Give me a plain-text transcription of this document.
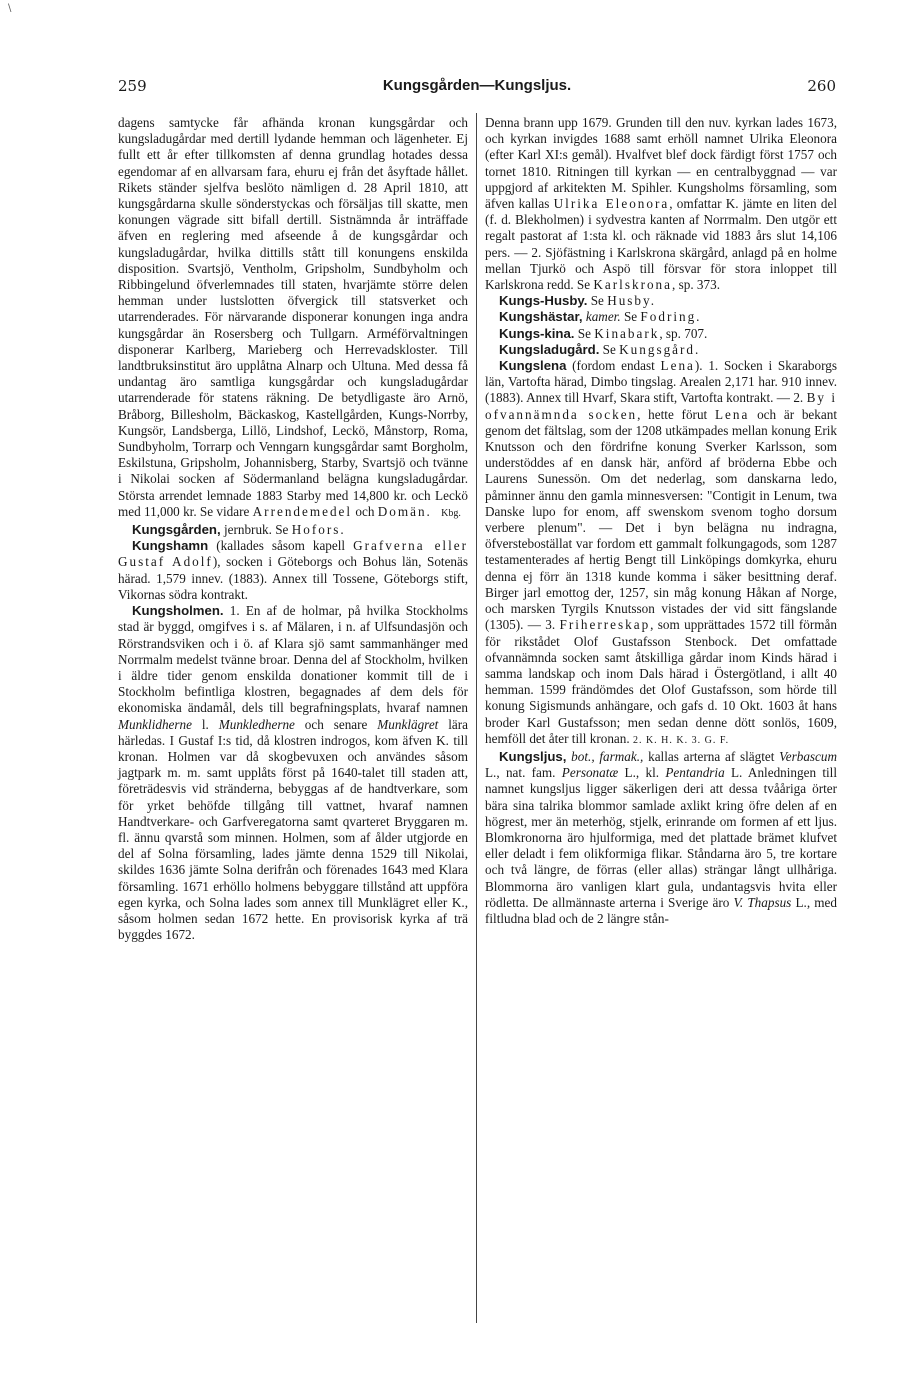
\
259	Kungsgården—Kungsljus.	260

dagens samtycke får afhända kronan kungsgårdar och kungsladugårdar med dertill lydande hemman och lägenheter. Ej fullt ett år efter tillkomsten af denna grundlag hotades dessa egendomar af en allvarsam fara, ehuru ej från det åsyftade hållet. Rikets ständer sjelfva beslöto nämligen d. 28 April 1810, att kungsgårdarna skulle sönderstyckas och försäljas till skatte, men konungen vägrade sitt bifall dertill. Sistnämnda år inträffade äfven en reglering med afseende å de kungsgårdar och kungsladugårdar, hvilka dittills stått till konungens enskilda disposition. Svartsjö, Ventholm, Gripsholm, Sundbyholm och Ribbingelund öfverlemnades till staten, hvarjämte större delen hemman under lustslotten öfvergick till statsverket och utarrenderades. För närvarande disponerar konungen inga andra kungsgårdar än Rosersberg och Tullgarn. Arméförvaltningen disponerar Karlberg, Marieberg och Herrevadskloster. Till landtbruksinstitut äro upplåtna Alnarp och Ultuna. Med dessa få undantag äro samtliga kungsgårdar och kungsladugårdar utarrenderade för statens räkning. De betydligaste äro Arnö, Bråborg, Billesholm, Bäckaskog, Kastellgården, Kungs-Norrby, Kungsör, Landsberga, Lillö, Lindshof, Leckö, Månstorp, Roma, Sundbyholm, Torrarp och Venngarn kungsgårdar samt Borgholm, Eskilstuna, Gripsholm, Johannisberg, Starby, Svartsjö och tvänne i Nikolai socken af Södermanland belägna kungsladugårdar. Största arrendet lemnade 1883 Starby med 14,800 kr. och Leckö med 11,000 kr. Se vidare Arrendemedel och Domän. Kbg.

Kungsgården, jernbruk. Se Hofors.

Kungshamn (kallades såsom kapell Grafverna eller Gustaf Adolf), socken i Göteborgs och Bohus län, Sotenäs härad. 1,579 innev. (1883). Annex till Tossene, Göteborgs stift, Vikornas södra kontrakt.

Kungsholmen. 1. En af de holmar, på hvilka Stockholms stad är byggd, omgifves i s. af Mälaren, i n. af Ulfsundasjön och Rörstrandsviken och i ö. af Klara sjö samt sammanhänger med Norrmalm medelst tvänne broar. Denna del af Stockholm, hvilken i äldre tider genom enskilda donationer kommit till de i Stockholm befintliga klostren, begagnades af dem dels för ekonomiska ändamål, dels till begrafningsplats, hvaraf namnen Munklidherne l. Munkledherne och senare Munklägret lära härledas. I Gustaf I:s tid, då klostren indrogos, kom äfven K. till kronan. Holmen var då skogbevuxen och användes såsom jagtpark m. m. samt upplåts först på 1640-talet till staden att, företrädesvis vid stränderna, bebyggas af de handtverkare, som för yrket behöfde tillgång till vattnet, hvaraf namnen Handtverkare- och Garfveregatorna samt qvarteret Bryggaren m. fl. ännu qvarstå som minnen. Holmen, som af ålder utgjorde en del af Solna församling, lades jämte denna 1529 till Nikolai, skildes 1636 jämte Solna derifrån och förenades 1643 med Klara församling. 1671 erhöllo holmens bebyggare tillstånd att uppföra egen kyrka, och Solna lades som annex till Munklägret eller K., såsom holmen sedan 1672 hette. En provisorisk kyrka af trä byggdes 1672.

Denna brann upp 1679. Grunden till den nuv. kyrkan lades 1673, och kyrkan invigdes 1688 samt erhöll namnet Ulrika Eleonora (efter Karl XI:s gemål). Hvalfvet blef dock färdigt först 1757 och tornet 1810. Ritningen till kyrkan — en centralbyggnad — var uppgjord af arkitekten M. Spihler. Kungsholms församling, som äfven kallas Ulrika Eleonora, omfattar K. jämte en liten del (f. d. Blekholmen) i sydvestra kanten af Norrmalm. Den utgör ett regalt pastorat af 1:sta kl. och räknade vid 1883 års slut 14,106 pers. — 2. Sjöfästning i Karlskrona skärgård, anlagd på en holme mellan Tjurkö och Aspö till försvar för stora inloppet till Karlskrona redd. Se Karlskrona, sp. 373.

Kungs-Husby. Se Husby.

Kungshästar, kamer. Se Fodring.

Kungs-kina. Se Kinabark, sp. 707.

Kungsladugård. Se Kungsgård.

Kungslena (fordom endast Lena). 1. Socken i Skaraborgs län, Vartofta härad, Dimbo tingslag. Arealen 2,171 har. 910 innev. (1883). Annex till Hvarf, Skara stift, Vartofta kontrakt. — 2. By i ofvannämnda socken, hette förut Lena och är bekant genom det fältslag, som der 1208 utkämpades mellan konung Erik Knutsson och den fördrifne konung Sverker Karlsson, som understöddes af en dansk här, anförd af bröderna Ebbe och Laurens Sunessön. Om det nederlag, som danskarna ledo, påminner ännu den gamla minnesversen: "Contigit in Lenum, twa Danske lupo for enom, aff swenskom svenom togho dorsum verbere plenum". — Det i byn belägna nu indragna, öfversteboställat var fordom ett gammalt folkungagods, som 1287 testamenterades af hertig Bengt till Linköpings domkyrka, ehuru denna ej förr än 1318 kunde komma i säker besittning deraf. Birger jarl emottog der, 1257, sin måg konung Håkan af Norge, och marsken Tyrgils Knutsson vistades der vid sitt fängslande (1305). — 3. Friherreskap, som upprättades 1572 till förmån för rikstådet Olof Gustafsson Stenbock. Det omfattade ofvannämnda socken samt åtskilliga gårdar inom Kinds härad i samma landskap och inom Dals härad i Östergötland, i allt 40 hemman. 1599 frändömdes det Olof Gustafsson, som hörde till konung Sigismunds anhängare, och gafs d. 10 Okt. 1603 åt hans broder Karl Gustafsson; men sedan denne dött sonlös, 1609, hemföll det åter till kronan. 2. K. H. K. 3. G. F.

Kungsljus, bot., farmak., kallas arterna af slägtet Verbascum L., nat. fam. Personatæ L., kl. Pentandria L. Anledningen till namnet kungsljus ligger säkerligen deri att dessa tvååriga örter bära sina talrika blommor samlade axlikt kring öfre delen af en högrest, mer än meterhög, stjelk, erinrande om formen af ett ljus. Blomkronorna äro hjulformiga, med det plattade brämet klufvet eller deladt i fem olikformiga flikar. Ståndarna äro 5, tre kortare och två längre, de förras (eller allas) strängar långt ullhåriga. Blommorna äro vanligen klart gula, undantagsvis hvita eller rödletta. De allmännaste arterna i Sverige äro V. Thapsus L., med filtludna blad och de 2 längre stån-
